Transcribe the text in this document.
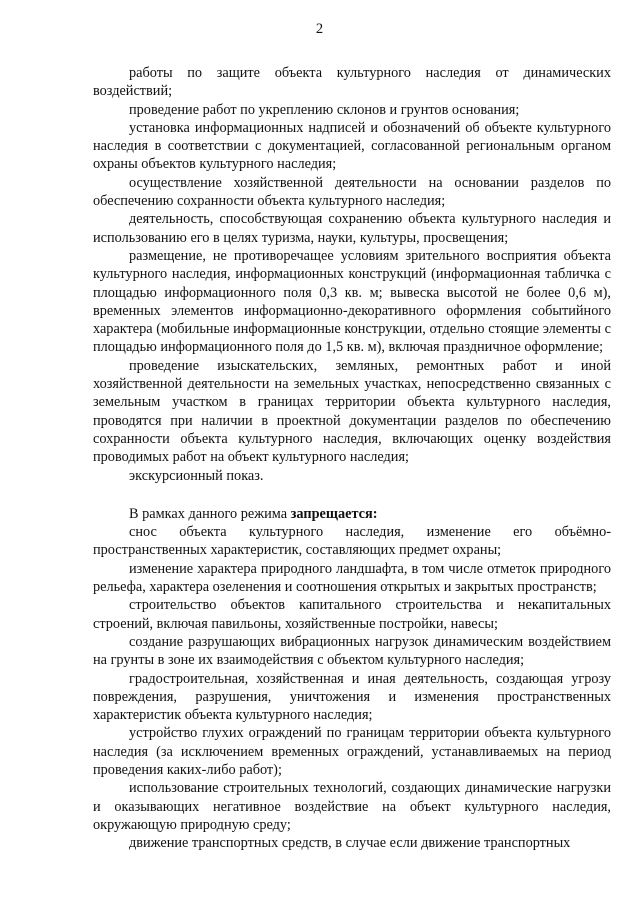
2

работы по защите объекта культурного наследия от динамических воздействий;

проведение работ по укреплению склонов и грунтов основания;

установка информационных надписей и обозначений об объекте культурного наследия в соответствии с документацией, согласованной региональным органом охраны объектов культурного наследия;

осуществление хозяйственной деятельности на основании разделов по обеспечению сохранности объекта культурного наследия;

деятельность, способствующая сохранению объекта культурного наследия и использованию его в целях туризма, науки, культуры, просвещения;

размещение, не противоречащее условиям зрительного восприятия объекта культурного наследия, информационных конструкций (информационная табличка с площадью информационного поля 0,3 кв. м; вывеска высотой не более 0,6 м), временных элементов информационно-декоративного оформления событийного характера (мобильные информационные конструкции, отдельно стоящие элементы с площадью информационного поля до 1,5 кв. м), включая праздничное оформление;

проведение изыскательских, земляных, ремонтных работ и иной хозяйственной деятельности на земельных участках, непосредственно связанных с земельным участком в границах территории объекта культурного наследия, проводятся при наличии в проектной документации разделов по обеспечению сохранности объекта культурного наследия, включающих оценку воздействия проводимых работ на объект культурного наследия;

экскурсионный показ.

В рамках данного режима запрещается:

снос объекта культурного наследия, изменение его объёмно-пространственных характеристик, составляющих предмет охраны;

изменение характера природного ландшафта, в том числе отметок природного рельефа, характера озеленения и соотношения открытых и закрытых пространств;

строительство объектов капитального строительства и некапитальных строений, включая павильоны, хозяйственные постройки, навесы;

создание разрушающих вибрационных нагрузок динамическим воздействием на грунты в зоне их взаимодействия с объектом культурного наследия;

градостроительная, хозяйственная и иная деятельность, создающая угрозу повреждения, разрушения, уничтожения и изменения пространственных характеристик объекта культурного наследия;

устройство глухих ограждений по границам территории объекта культурного наследия (за исключением временных ограждений, устанавливаемых на период проведения каких-либо работ);

использование строительных технологий, создающих динамические нагрузки и оказывающих негативное воздействие на объект культурного наследия, окружающую природную среду;

движение транспортных средств, в случае если движение транспортных
